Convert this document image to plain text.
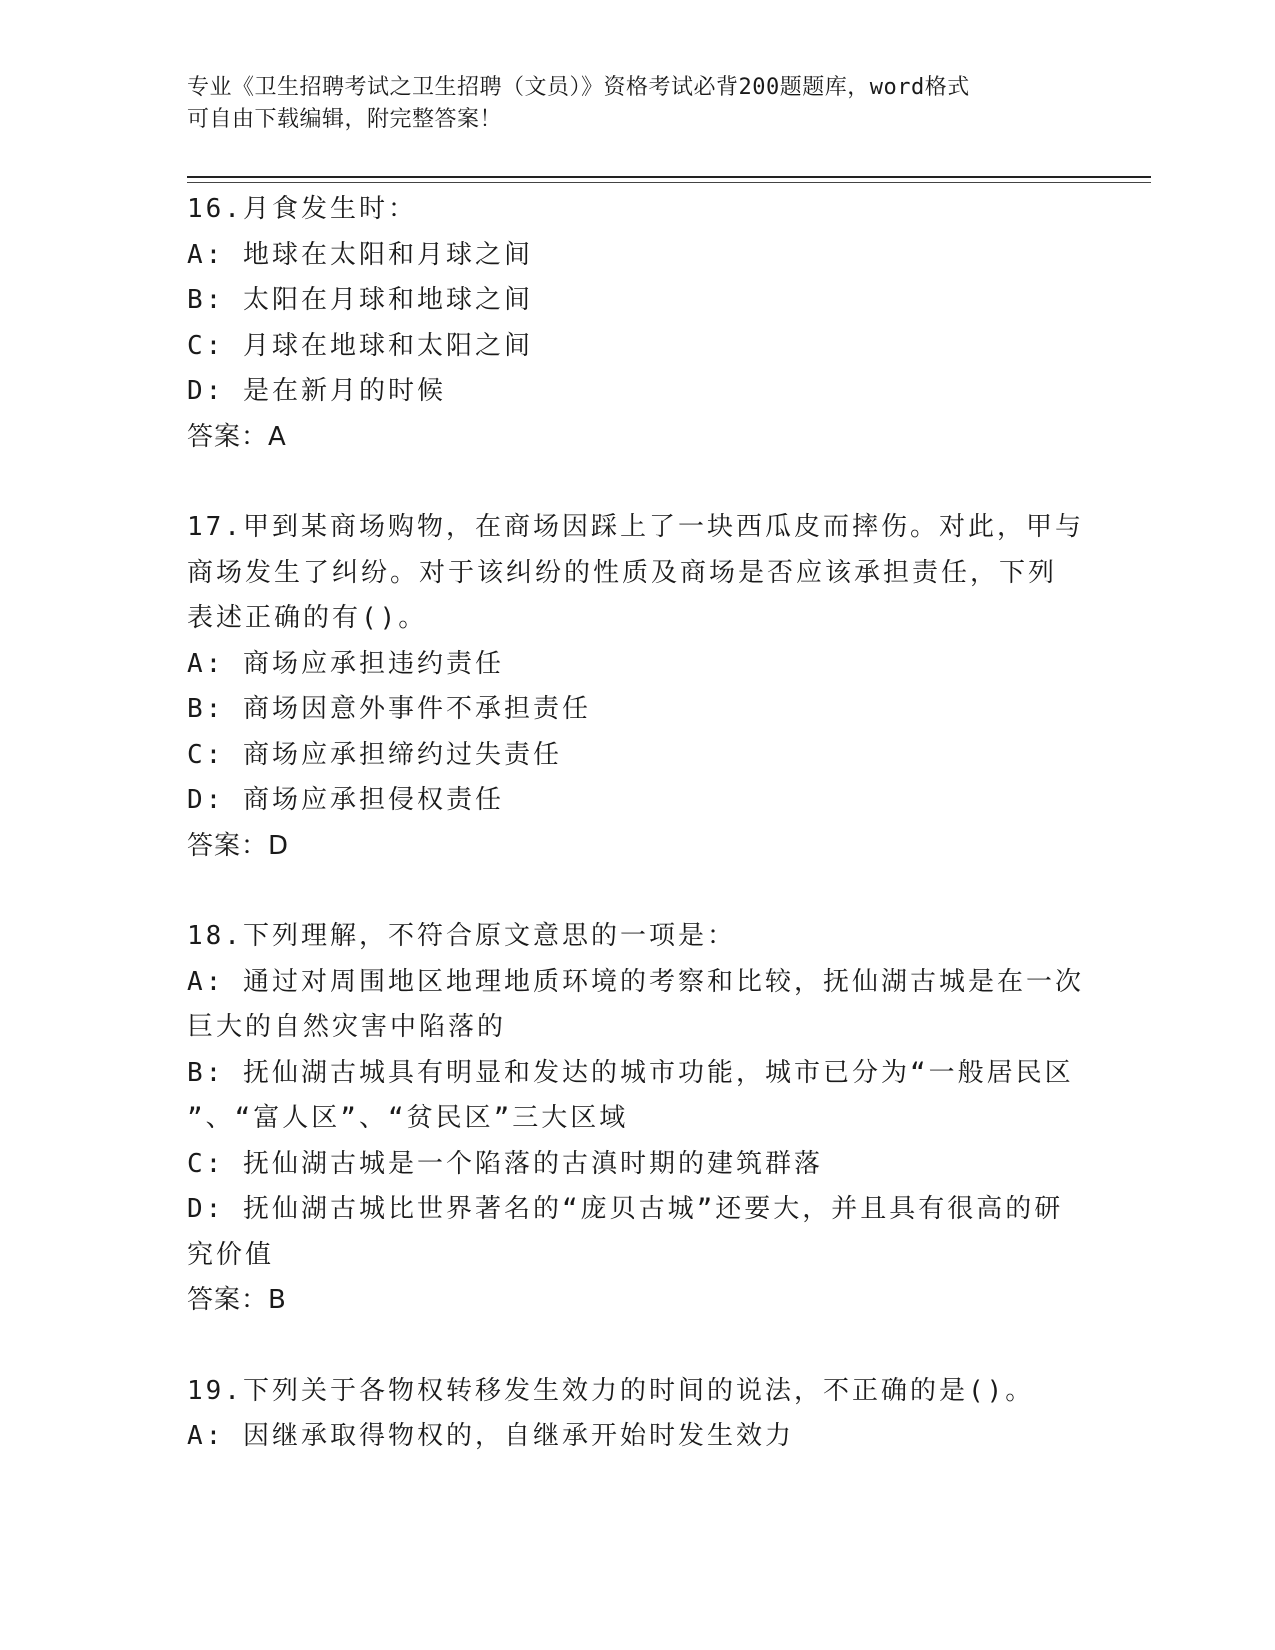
专业《卫生招聘考试之卫生招聘（文员）》资格考试必背200题题库，word格式
可自由下载编辑，附完整答案！
16.月食发生时：
A: 地球在太阳和月球之间
B: 太阳在月球和地球之间
C: 月球在地球和太阳之间
D: 是在新月的时候
答案：A
17.甲到某商场购物，在商场因踩上了一块西瓜皮而摔伤。对此，甲与
商场发生了纠纷。对于该纠纷的性质及商场是否应该承担责任，下列
表述正确的有()。
A: 商场应承担违约责任
B: 商场因意外事件不承担责任
C: 商场应承担缔约过失责任
D: 商场应承担侵权责任
答案：D
18.下列理解，不符合原文意思的一项是：
A: 通过对周围地区地理地质环境的考察和比较，抚仙湖古城是在一次
巨大的自然灾害中陷落的
B: 抚仙湖古城具有明显和发达的城市功能，城市已分为“一般居民区
”、“富人区”、“贫民区”三大区域
C: 抚仙湖古城是一个陷落的古滇时期的建筑群落
D: 抚仙湖古城比世界著名的“庞贝古城”还要大，并且具有很高的研
究价值
答案：B
19.下列关于各物权转移发生效力的时间的说法，不正确的是()。
A: 因继承取得物权的，自继承开始时发生效力
